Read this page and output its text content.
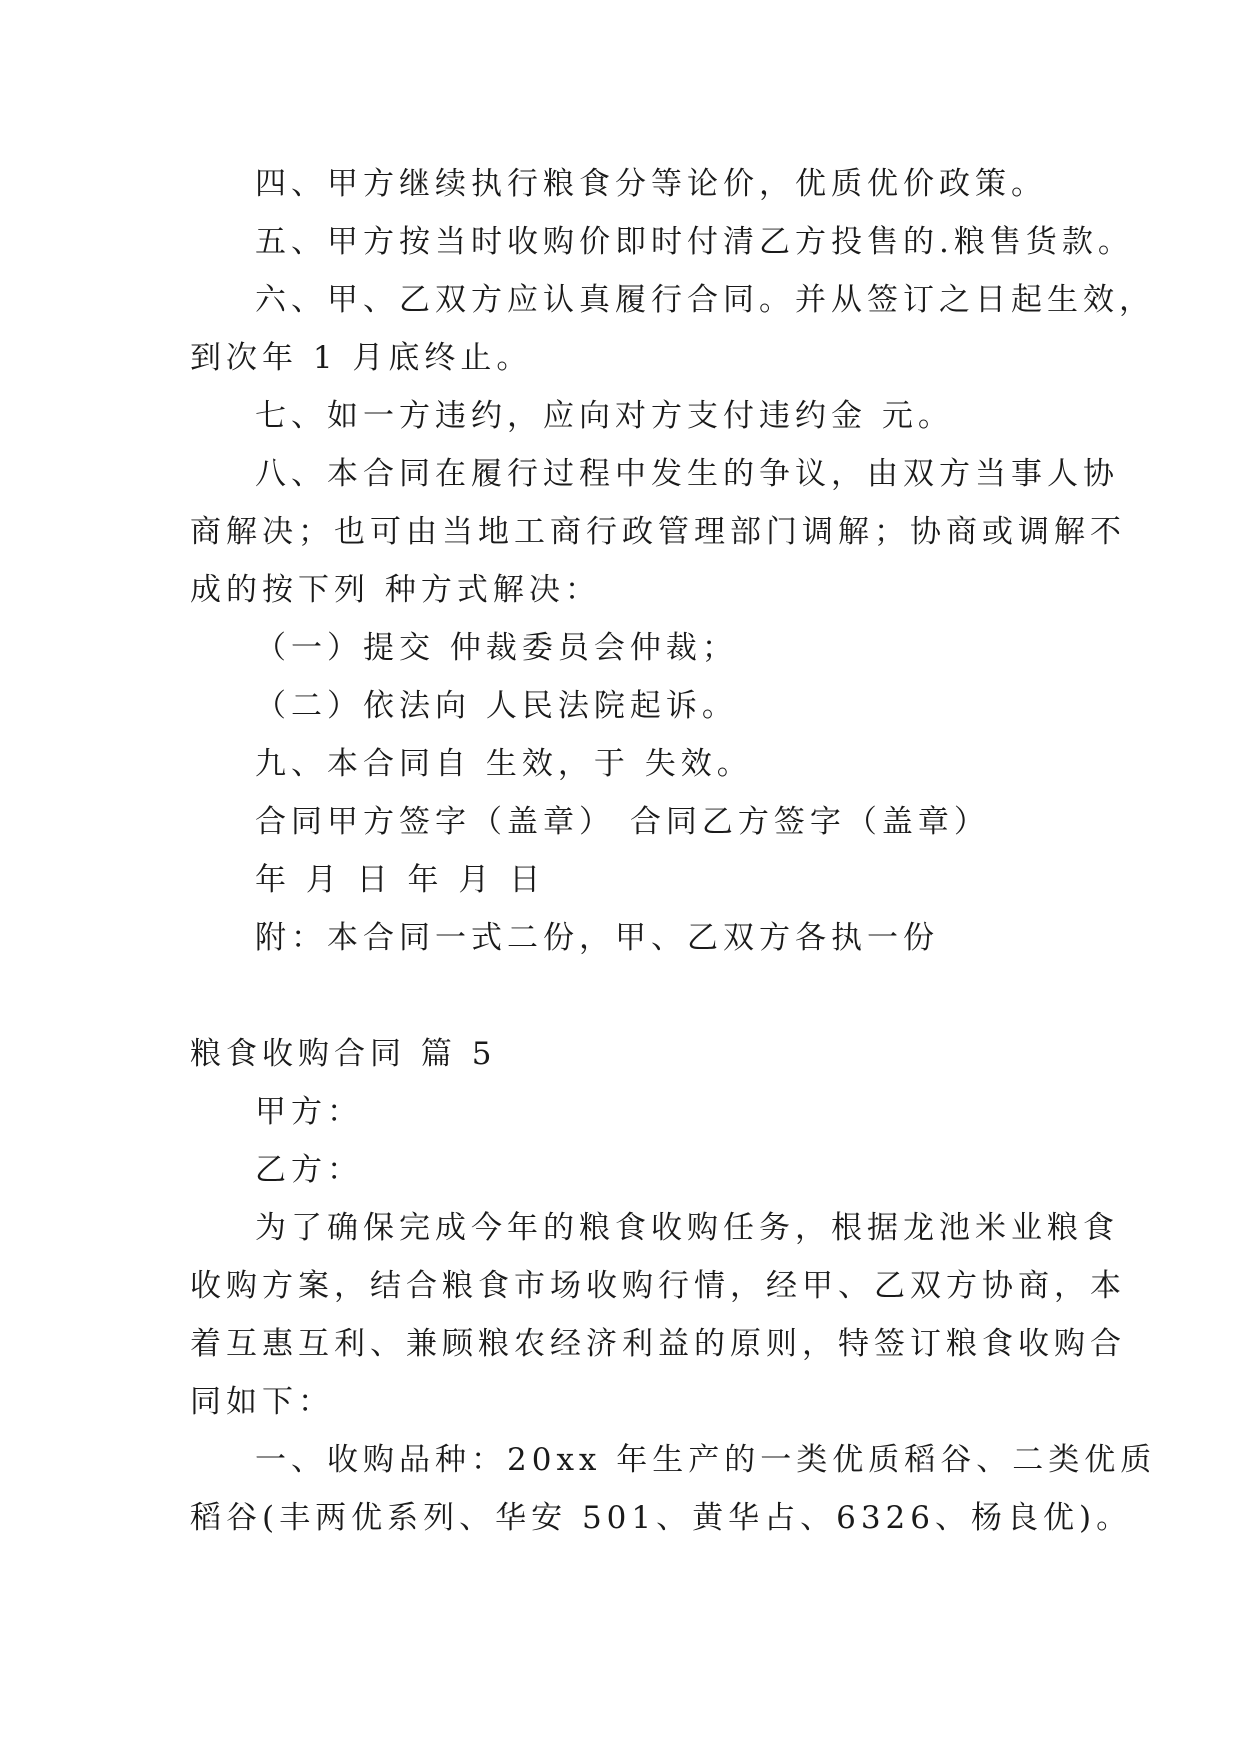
四、甲方继续执行粮食分等论价，优质优价政策。
五、甲方按当时收购价即时付清乙方投售的.粮售货款。
六、甲、乙双方应认真履行合同。并从签订之日起生效，
到次年 1 月底终止。
七、如一方违约，应向对方支付违约金 元。
八、本合同在履行过程中发生的争议，由双方当事人协
商解决；也可由当地工商行政管理部门调解；协商或调解不
成的按下列 种方式解决：
（一）提交 仲裁委员会仲裁；
（二）依法向 人民法院起诉。
九、本合同自 生效，于 失效。
合同甲方签字（盖章） 合同乙方签字（盖章）
年 月 日 年 月 日
附：本合同一式二份，甲、乙双方各执一份
粮食收购合同 篇 5
甲方：
乙方：
为了确保完成今年的粮食收购任务，根据龙池米业粮食
收购方案，结合粮食市场收购行情，经甲、乙双方协商，本
着互惠互利、兼顾粮农经济利益的原则，特签订粮食收购合
同如下：
一、收购品种：20xx 年生产的一类优质稻谷、二类优质
稻谷(丰两优系列、华安 501、黄华占、6326、杨良优)。
